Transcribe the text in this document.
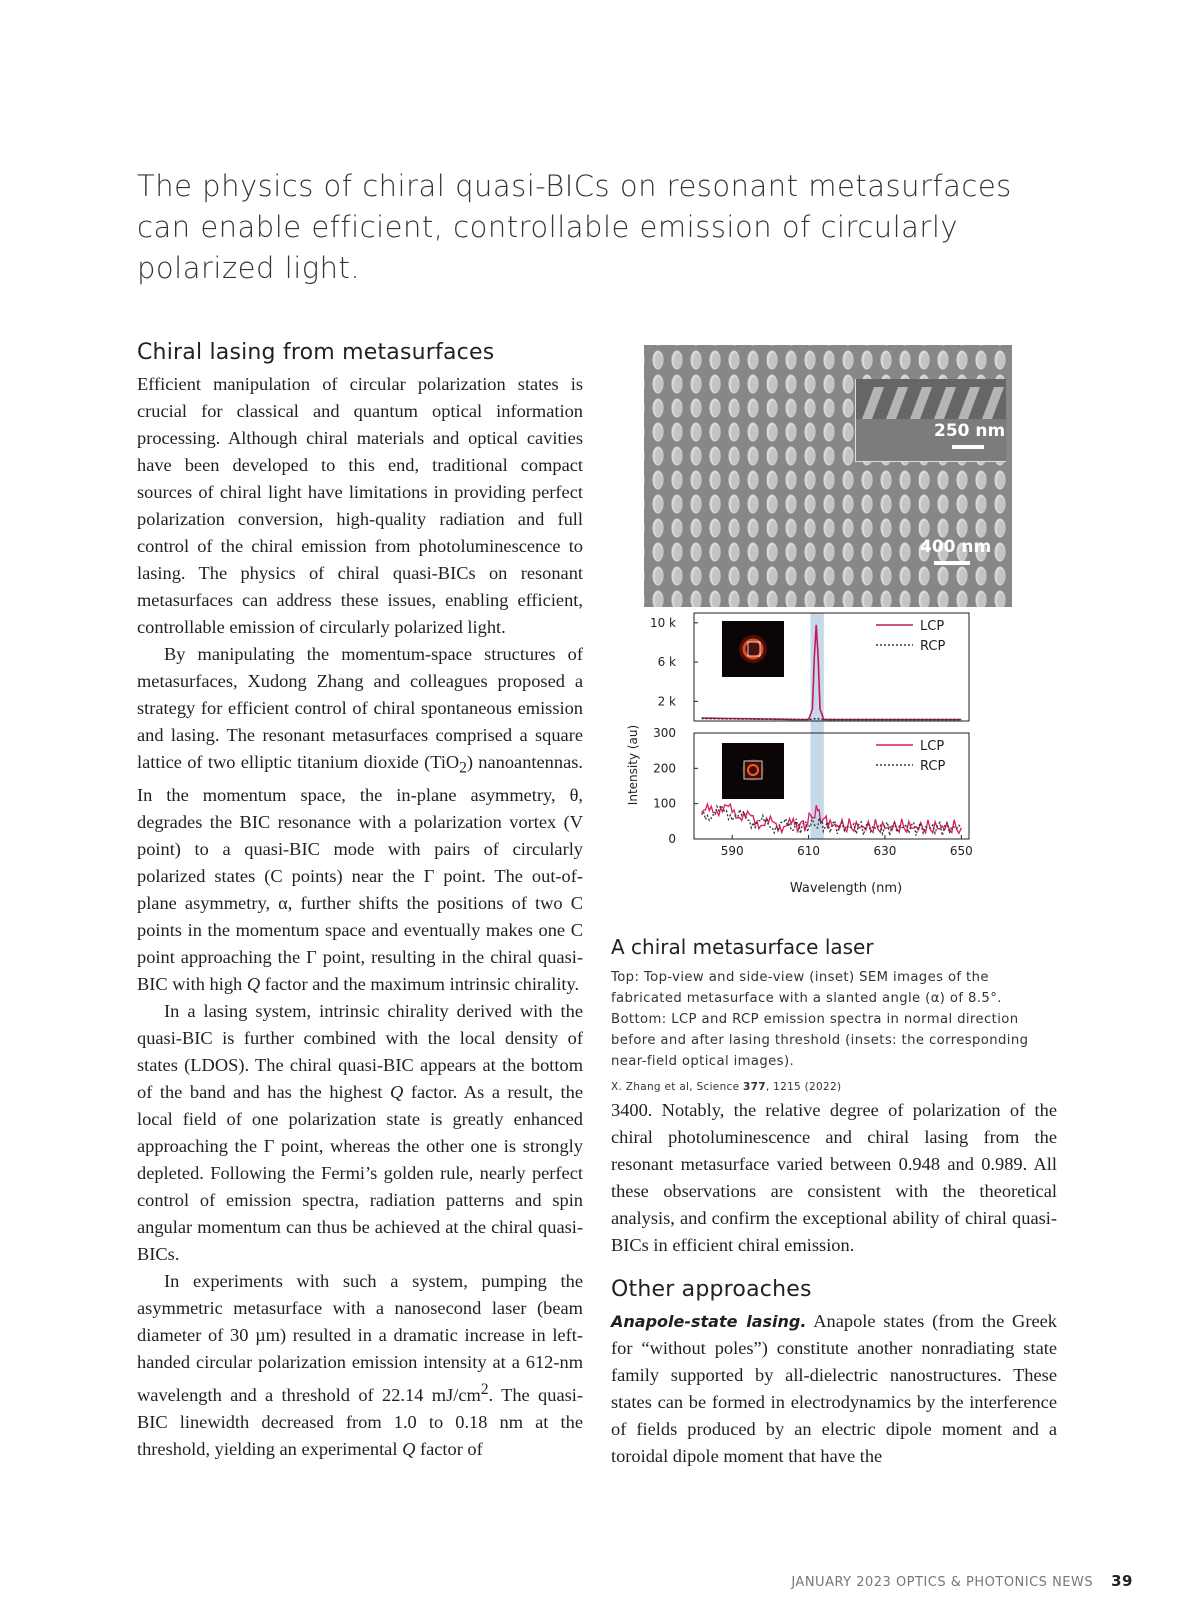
The physics of chiral quasi-BICs on resonant metasurfaces can enable efficient, controllable emission of circularly polarized light.
Chiral lasing from metasurfaces

Efficient manipulation of circular polarization states is crucial for classical and quantum optical information processing. Although chiral materials and optical cavities have been developed to this end, traditional compact sources of chiral light have limitations in providing perfect polarization conversion, high-quality radiation and full control of the chiral emission from photoluminescence to lasing. The physics of chiral quasi-BICs on resonant metasurfaces can address these issues, enabling efficient, controllable emission of circularly polarized light.

By manipulating the momentum-space structures of metasurfaces, Xudong Zhang and colleagues proposed a strategy for efficient control of chiral spontaneous emission and lasing. The resonant metasurfaces comprised a square lattice of two elliptic titanium dioxide (TiO$_2$) nanoantennas. In the momentum space, the in-plane asymmetry, θ, degrades the BIC resonance with a polarization vortex (V point) to a quasi-BIC mode with pairs of circularly polarized states (C points) near the Γ point. The out-of-plane asymmetry, α, further shifts the positions of two C points in the momentum space and eventually makes one C point approaching the Γ point, resulting in the chiral quasi-BIC with high Q factor and the maximum intrinsic chirality.

In a lasing system, intrinsic chirality derived with the quasi-BIC is further combined with the local density of states (LDOS). The chiral quasi-BIC appears at the bottom of the band and has the highest Q factor. As a result, the local field of one polarization state is greatly enhanced approaching the Γ point, whereas the other one is strongly depleted. Following the Fermi’s golden rule, nearly perfect control of emission spectra, radiation patterns and spin angular momentum can thus be achieved at the chiral quasi-BICs.

In experiments with such a system, pumping the asymmetric metasurface with a nanosecond laser (beam diameter of 30 µm) resulted in a dramatic increase in left-handed circular polarization emission intensity at a 612-nm wavelength and a threshold of 22.14 $mJ/cm^2$. The quasi-BIC linewidth decreased from 1.0 to 0.18 nm at the threshold, yielding an experimental Q factor of

250 nm
400 nm
Intensity (au)
Wavelength (nm)
10 k
6 k
2 k
LCP
RCP
300
200
100
0
LCP
RCP
590	610	630	650
A chiral metasurface laser
Top: Top-view and side-view (inset) SEM images of the fabricated metasurface with a slanted angle (α) of 8.5°. Bottom: LCP and RCP emission spectra in normal direction before and after lasing threshold (insets: the corresponding near-field optical images).
X. Zhang et al, Science 377, 1215 (2022)

3400. Notably, the relative degree of polarization of the chiral photoluminescence and chiral lasing from the resonant metasurface varied between 0.948 and 0.989. All these observations are consistent with the theoretical analysis, and confirm the exceptional ability of chiral quasi-BICs in efficient chiral emission.

Other approaches

Anapole-state lasing. Anapole states (from the Greek for “without poles”) constitute another nonradiating state family supported by all-dielectric nanostructures. These states can be formed in electrodynamics by the interference of fields produced by an electric dipole moment and a toroidal dipole moment that have the

JANUARY 2023 OPTICS & PHOTONICS NEWS 39
